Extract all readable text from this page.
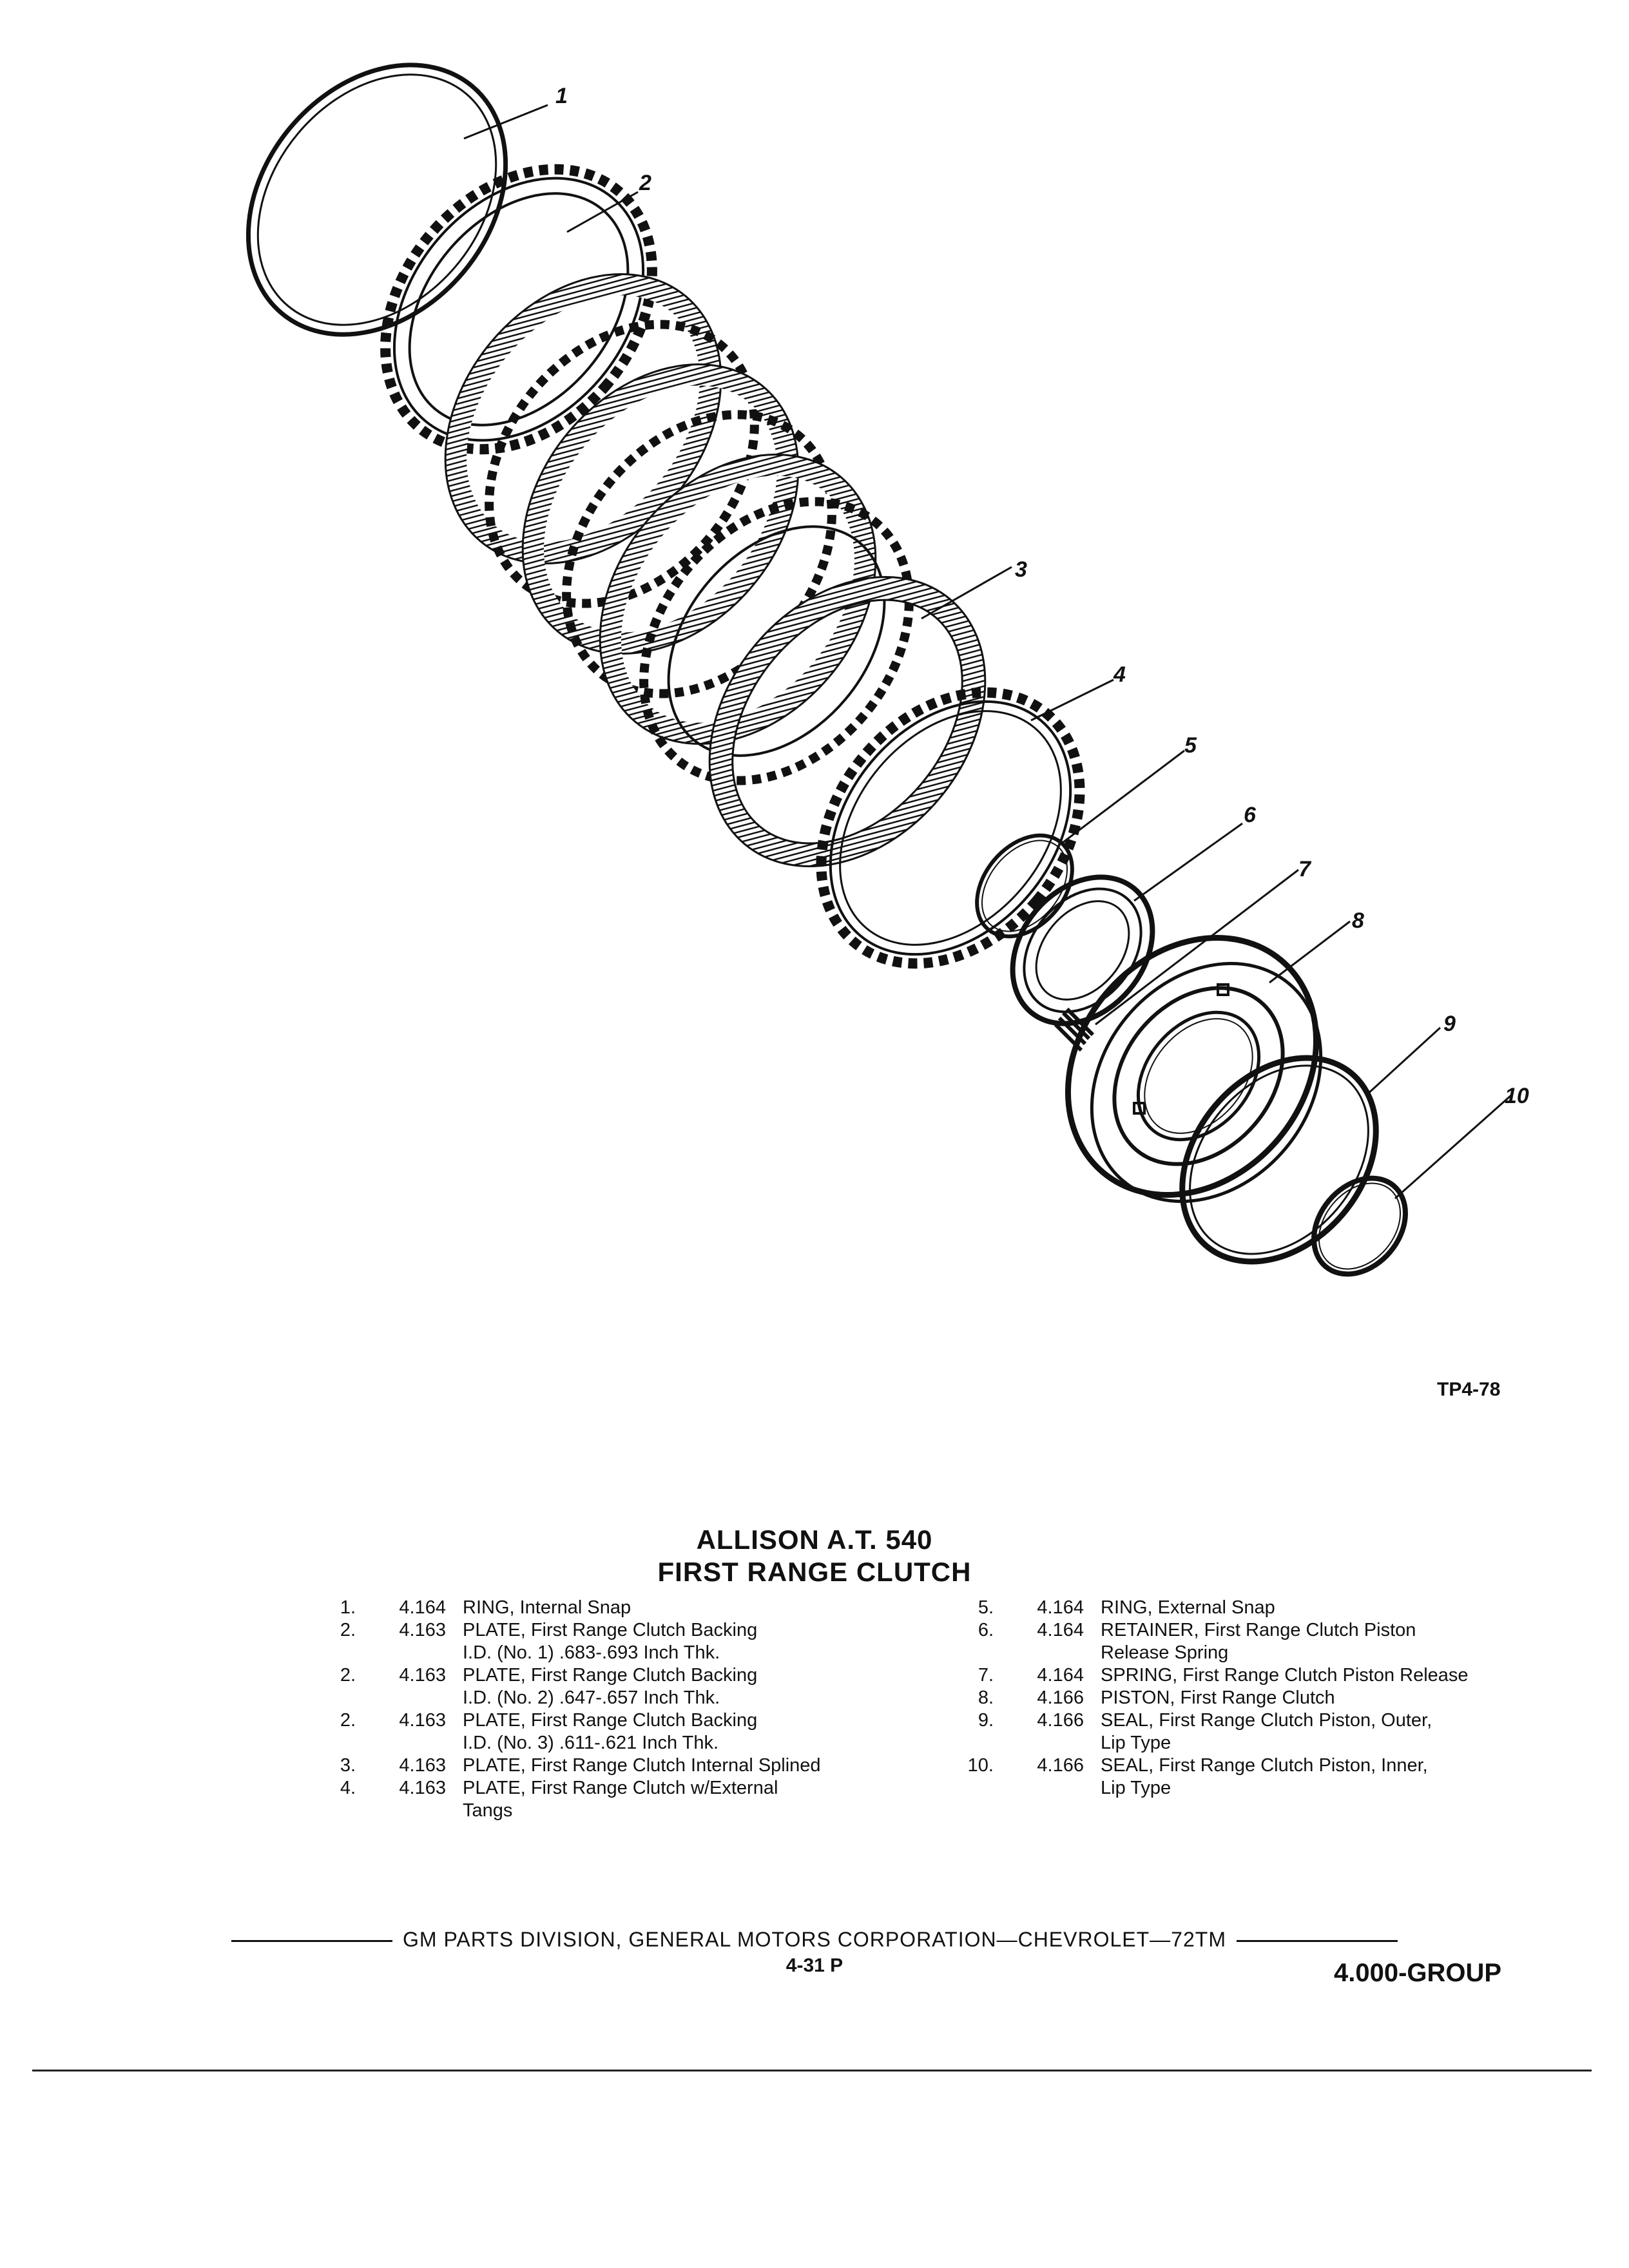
1
2
3
4
5
6
7
8
9
10
TP4-78
ALLISON A.T. 540
FIRST RANGE CLUTCH
1.	4.164 RING, Internal Snap
2.	4.163 PLATE, First Range Clutch Backing
I.D. (No. 1) .683-.693 Inch Thk.
2.	4.163 PLATE, First Range Clutch Backing
I.D. (No. 2) .647-.657 Inch Thk.
2.	4.163 PLATE, First Range Clutch Backing
I.D. (No. 3) .611-.621 Inch Thk.
3.	4.163 PLATE, First Range Clutch Internal Splined
4.	4.163 PLATE, First Range Clutch w/External
Tangs
5.	4.164 RING, External Snap
6.	4.164 RETAINER, First Range Clutch Piston
Release Spring
7.	4.164 SPRING, First Range Clutch Piston Release
8.	4.166 PISTON, First Range Clutch
9.	4.166 SEAL, First Range Clutch Piston, Outer,
Lip Type
10.	4.166 SEAL, First Range Clutch Piston, Inner,
Lip Type
GM PARTS DIVISION, GENERAL MOTORS CORPORATION—CHEVROLET—72TM
4-31 P	4.000-GROUP
